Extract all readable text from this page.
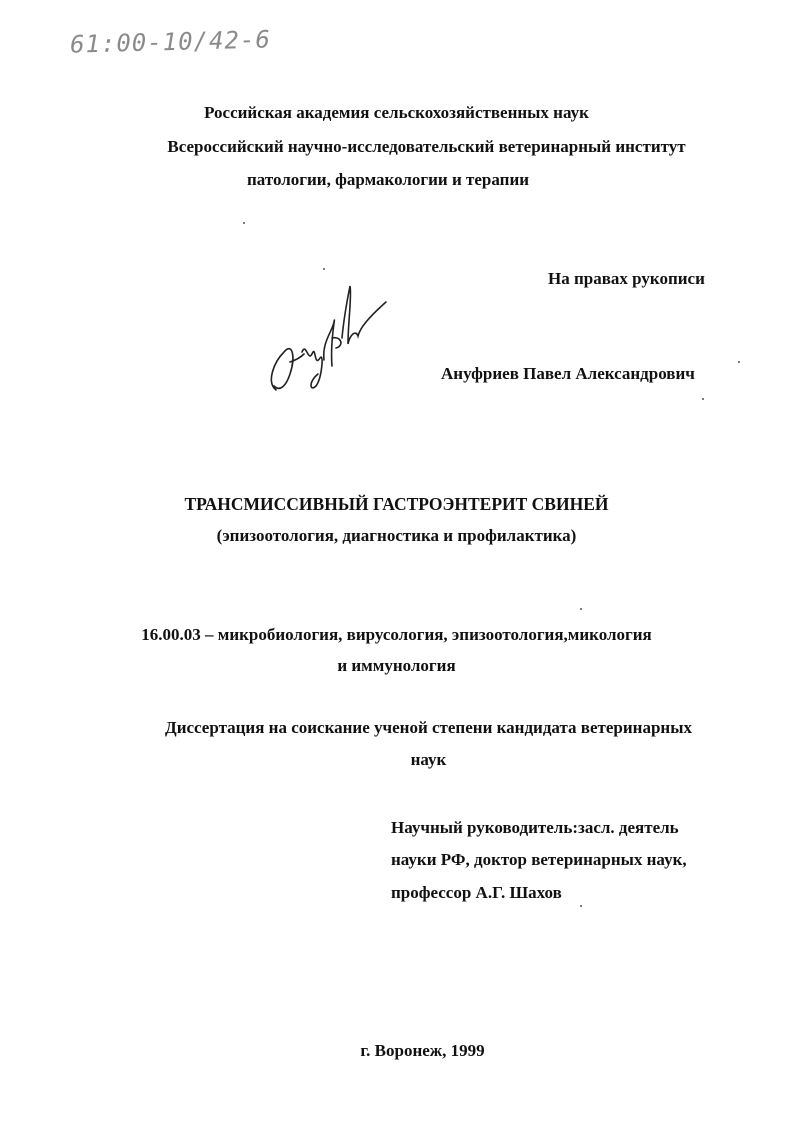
61:00-10/42-6
Российская академия сельскохозяйственных наук
Всероссийский научно-исследовательский ветеринарный институт
патологии, фармакологии и терапии
На правах рукописи
Ануфриев Павел Александрович
ТРАНСМИССИВНЫЙ ГАСТРОЭНТЕРИТ СВИНЕЙ
(эпизоотология, диагностика и профилактика)
16.00.03 – микробиология, вирусология, эпизоотология,микология
и иммунология
Диссертация на соискание ученой степени кандидата ветеринарных
наук
Научный руководитель:засл. деятель
науки РФ, доктор ветеринарных наук,
профессор А.Г. Шахов
г. Воронеж, 1999
